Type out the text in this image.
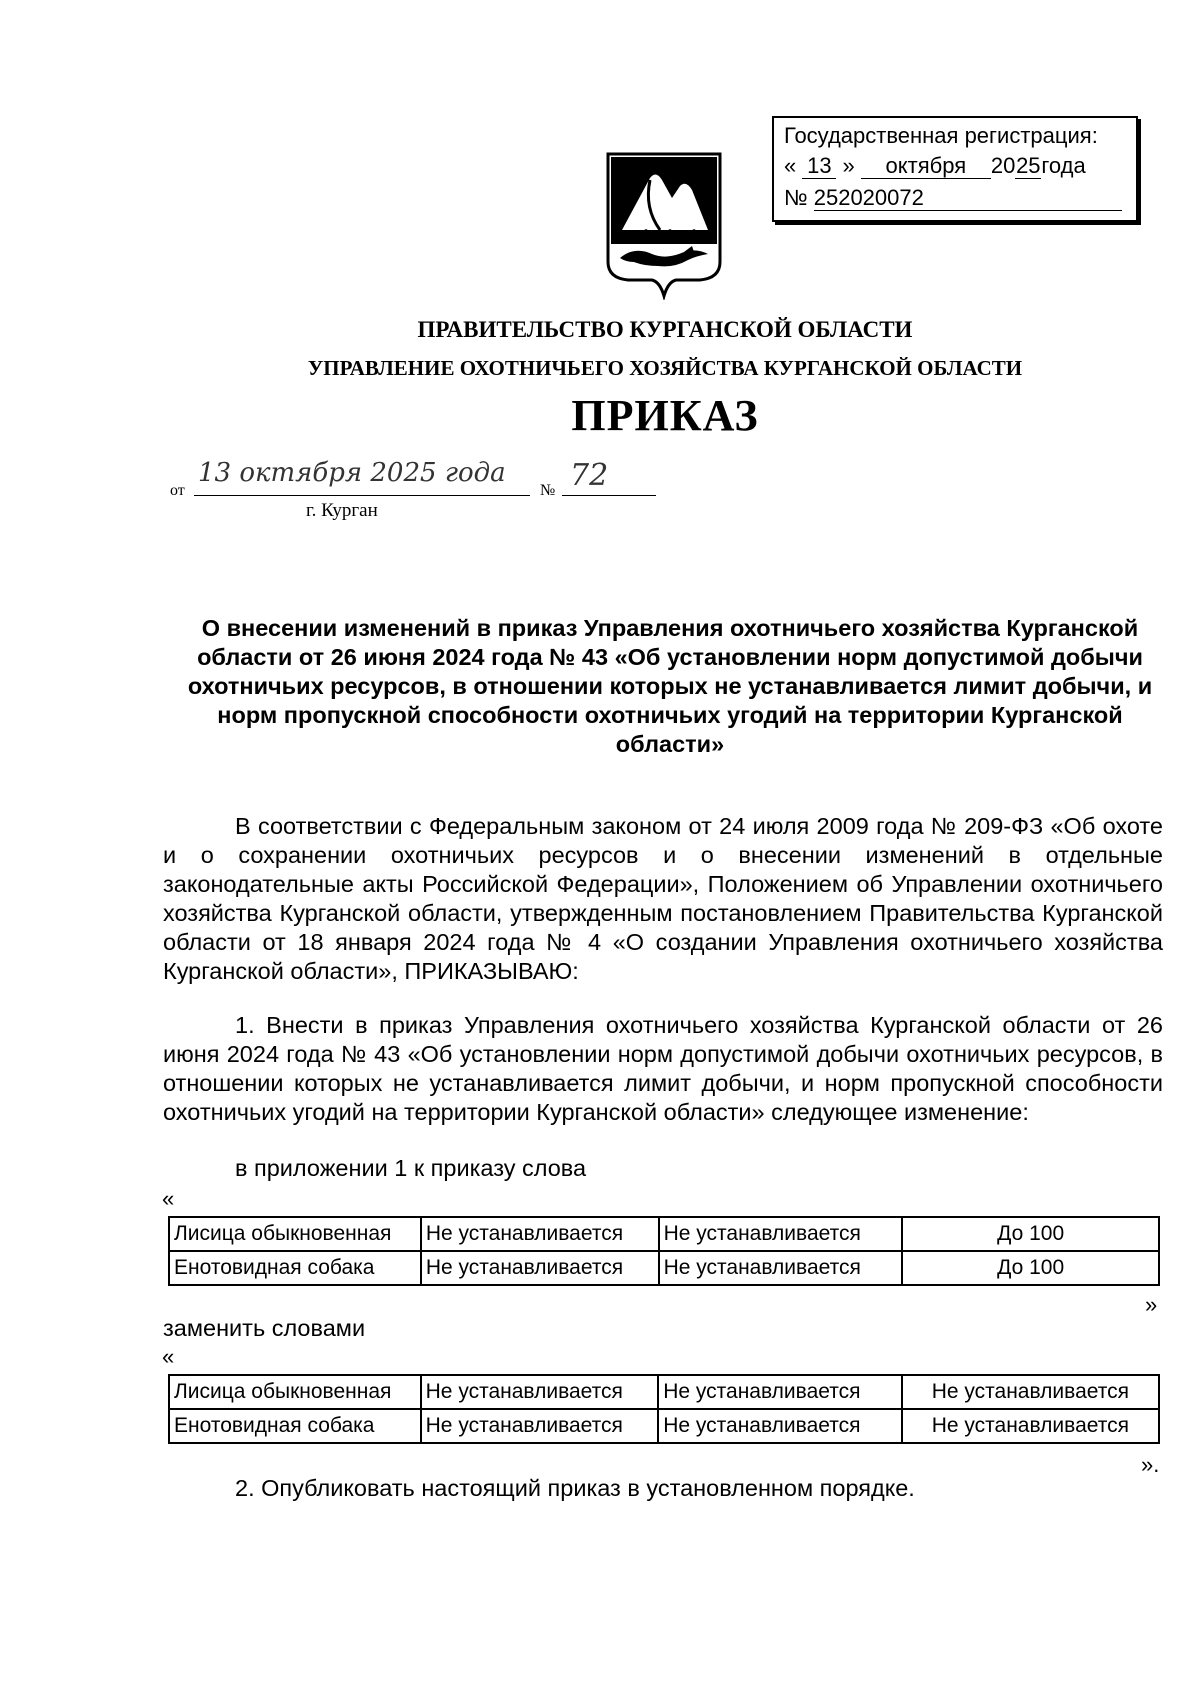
Государственная регистрация:
« 13 » октября 2025года
№ 252020072
ПРАВИТЕЛЬСТВО КУРГАНСКОЙ ОБЛАСТИ
УПРАВЛЕНИЕ ОХОТНИЧЬЕГО ХОЗЯЙСТВА КУРГАНСКОЙ ОБЛАСТИ
ПРИКАЗ
от
13 октября 2025 года
№ 72
г. Курган
О внесении изменений в приказ Управления охотничьего хозяйства Курганской области от 26 июня 2024 года № 43 «Об установлении норм допустимой добычи охотничьих ресурсов, в отношении которых не устанавливается лимит добычи, и норм пропускной способности охотничьих угодий на территории Курганской области»
В соответствии с Федеральным законом от 24 июля 2009 года № 209-ФЗ «Об охоте и о сохранении охотничьих ресурсов и о внесении изменений в отдельные законодательные акты Российской Федерации», Положением об Управлении охотничьего хозяйства Курганской области, утвержденным постановлением Правительства Курганской области от 18 января 2024 года № 4 «О создании Управления охотничьего хозяйства Курганской области», ПРИКАЗЫВАЮ:
1. Внести в приказ Управления охотничьего хозяйства Курганской области от 26 июня 2024 года № 43 «Об установлении норм допустимой добычи охотничьих ресурсов, в отношении которых не устанавливается лимит добычи, и норм пропускной способности охотничьих угодий на территории Курганской области» следующее изменение:
в приложении 1 к приказу слова
«
Лисица обыкновенная	Не устанавливается	Не устанавливается	До 100
Енотовидная собака	Не устанавливается	Не устанавливается	До 100
»
заменить словами
«
Лисица обыкновенная	Не устанавливается	Не устанавливается	Не устанавливается
Енотовидная собака	Не устанавливается	Не устанавливается	Не устанавливается
».
2. Опубликовать настоящий приказ в установленном порядке.
